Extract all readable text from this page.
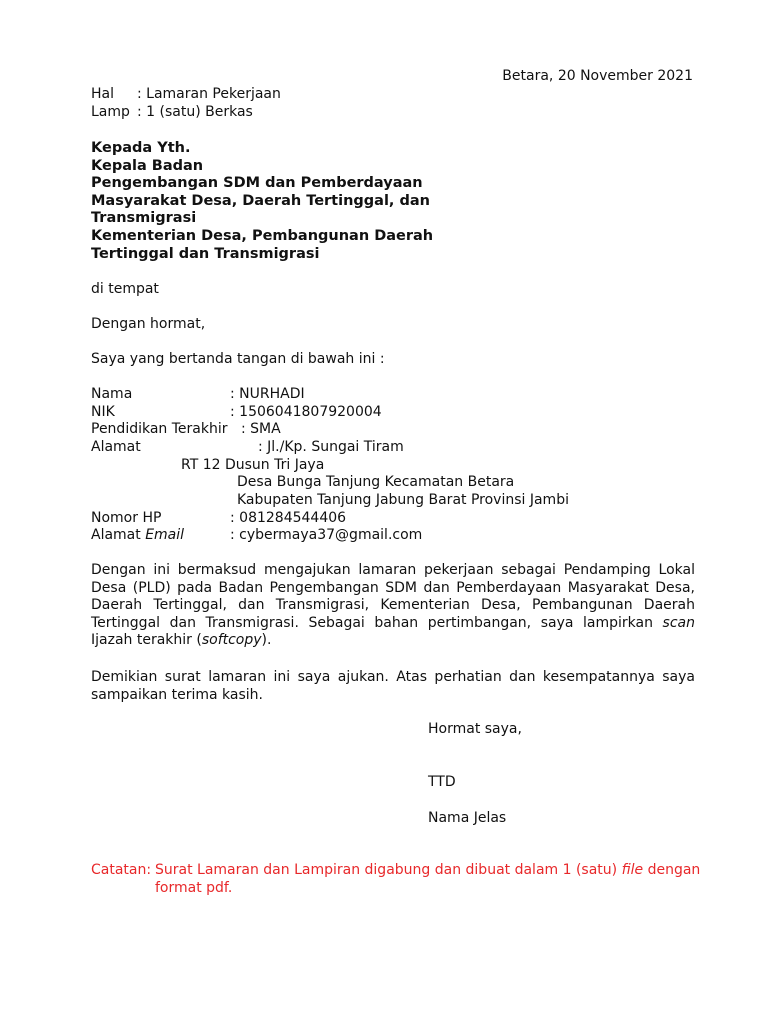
Betara, 20 November 2021
Hal : Lamaran Pekerjaan
Lamp : 1 (satu) Berkas
Kepada Yth.
Kepala Badan
Pengembangan SDM dan Pemberdayaan
Masyarakat Desa, Daerah Tertinggal, dan
Transmigrasi
Kementerian Desa, Pembangunan Daerah
Tertinggal dan Transmigrasi
di tempat
Dengan hormat,
Saya yang bertanda tangan di bawah ini :
Nama	: NURHADI
NIK	: 1506041807920004
Pendidikan Terakhir : SMA
Alamat	: Jl./Kp. Sungai Tiram
RT 12 Dusun Tri Jaya
Desa Bunga Tanjung Kecamatan Betara
Kabupaten Tanjung Jabung Barat Provinsi Jambi
Nomor HP	: 081284544406
Alamat Email	: cybermaya37@gmail.com
Dengan ini bermaksud mengajukan lamaran pekerjaan sebagai Pendamping Lokal Desa (PLD) pada Badan Pengembangan SDM dan Pemberdayaan Masyarakat Desa, Daerah Tertinggal, dan Transmigrasi, Kementerian Desa, Pembangunan Daerah Tertinggal dan Transmigrasi. Sebagai bahan pertimbangan, saya lampirkan scan Ijazah terakhir (softcopy).
Demikian surat lamaran ini saya ajukan. Atas perhatian dan kesempatannya saya sampaikan terima kasih.
Hormat saya,
TTD
Nama Jelas
Catatan: Surat Lamaran dan Lampiran digabung dan dibuat dalam 1 (satu) file dengan
format pdf.
